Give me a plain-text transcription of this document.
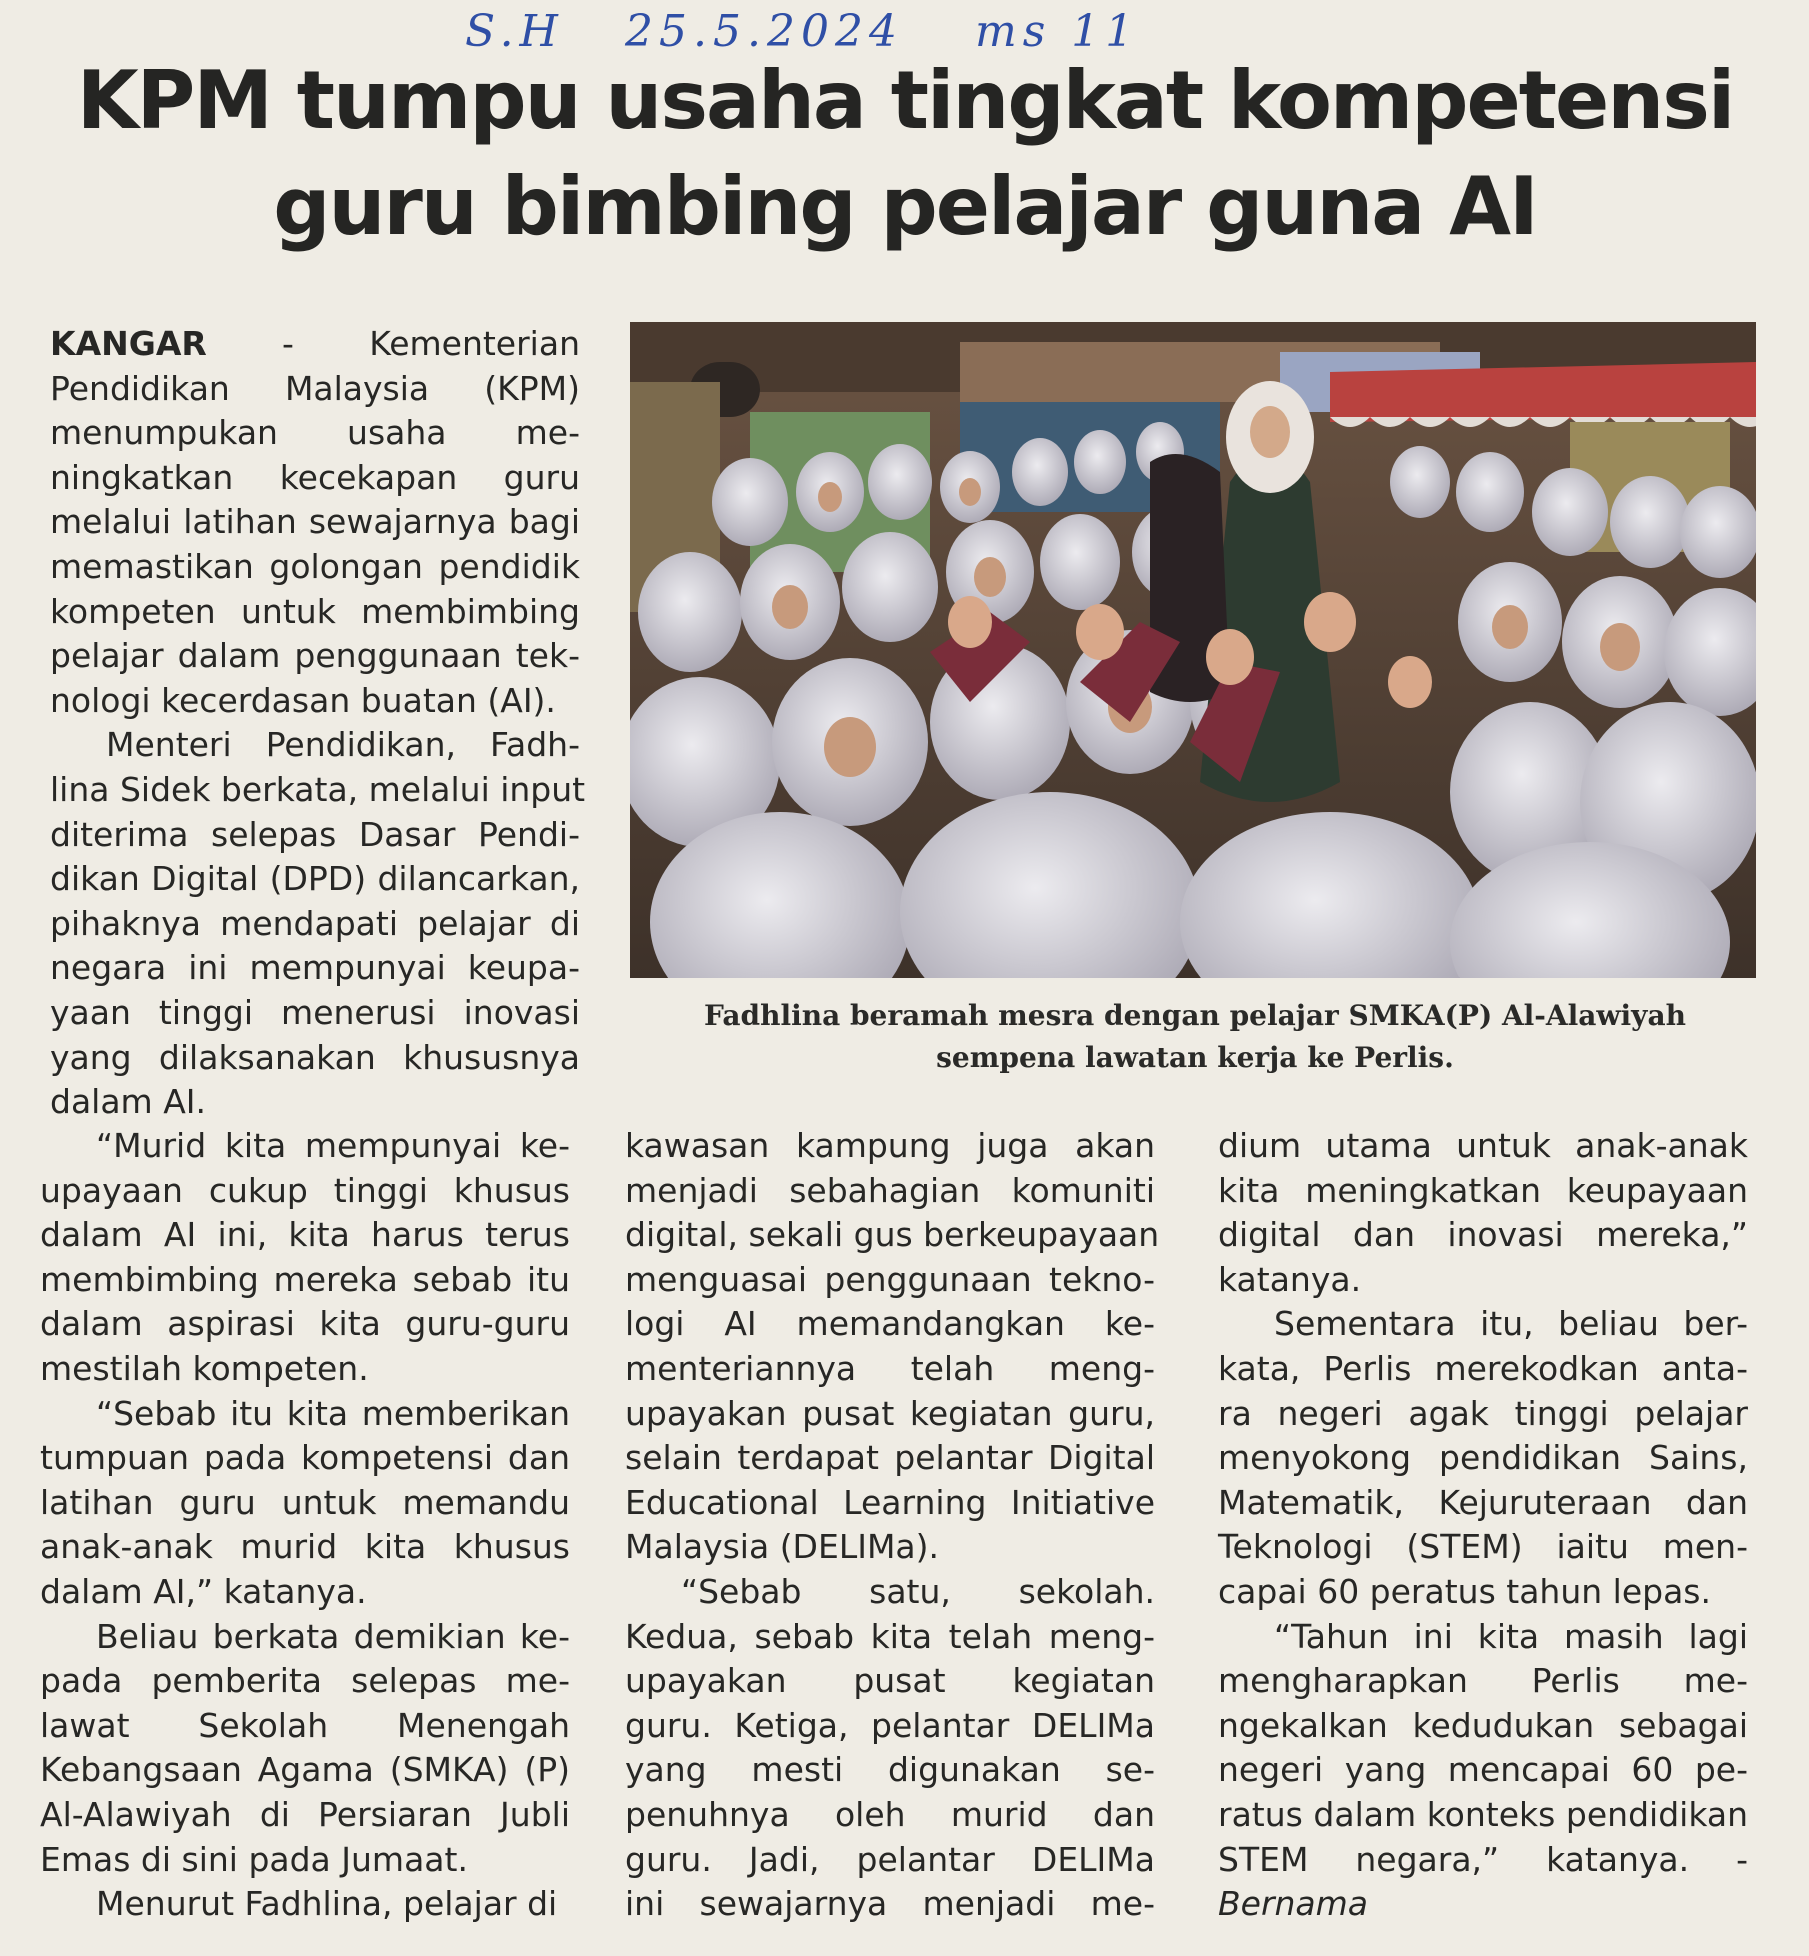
S.H 25.5.2024 ms 11
KPM tumpu usaha tingkat kompetensi
guru bimbing pelajar guna AI

Fadhlina beramah mesra dengan pelajar SMKA(P) Al-Alawiyah
sempena lawatan kerja ke Perlis.

KANGAR - Kementerian
Pendidikan Malaysia (KPM)
menumpukan usaha me-
ningkatkan kecekapan guru
melalui latihan sewajarnya bagi
memastikan golongan pendidik
kompeten untuk membimbing
pelajar dalam penggunaan tek-
nologi kecerdasan buatan (AI).
Menteri Pendidikan, Fadh-
lina Sidek berkata, melalui input
diterima selepas Dasar Pendi-
dikan Digital (DPD) dilancarkan,
pihaknya mendapati pelajar di
negara ini mempunyai keupa-
yaan tinggi menerusi inovasi
yang dilaksanakan khususnya
dalam AI.
“Murid kita mempunyai ke-
upayaan cukup tinggi khusus
dalam AI ini, kita harus terus
membimbing mereka sebab itu
dalam aspirasi kita guru-guru
mestilah kompeten.
“Sebab itu kita memberikan
tumpuan pada kompetensi dan
latihan guru untuk memandu
anak-anak murid kita khusus
dalam AI,” katanya.
Beliau berkata demikian ke-
pada pemberita selepas me-
lawat Sekolah Menengah
Kebangsaan Agama (SMKA) (P)
Al-Alawiyah di Persiaran Jubli
Emas di sini pada Jumaat.
Menurut Fadhlina, pelajar di
kawasan kampung juga akan
menjadi sebahagian komuniti
digital, sekali gus berkeupayaan
menguasai penggunaan tekno-
logi AI memandangkan ke-
menteriannya telah meng-
upayakan pusat kegiatan guru,
selain terdapat pelantar Digital
Educational Learning Initiative
Malaysia (DELIMa).
“Sebab satu, sekolah.
Kedua, sebab kita telah meng-
upayakan pusat kegiatan
guru. Ketiga, pelantar DELIMa
yang mesti digunakan se-
penuhnya oleh murid dan
guru. Jadi, pelantar DELIMa
ini sewajarnya menjadi me-
dium utama untuk anak-anak
kita meningkatkan keupayaan
digital dan inovasi mereka,”
katanya.
Sementara itu, beliau ber-
kata, Perlis merekodkan anta-
ra negeri agak tinggi pelajar
menyokong pendidikan Sains,
Matematik, Kejuruteraan dan
Teknologi (STEM) iaitu men-
capai 60 peratus tahun lepas.
“Tahun ini kita masih lagi
mengharapkan Perlis me-
ngekalkan kedudukan sebagai
negeri yang mencapai 60 pe-
ratus dalam konteks pendidikan
STEM negara,” katanya. -
Bernama
